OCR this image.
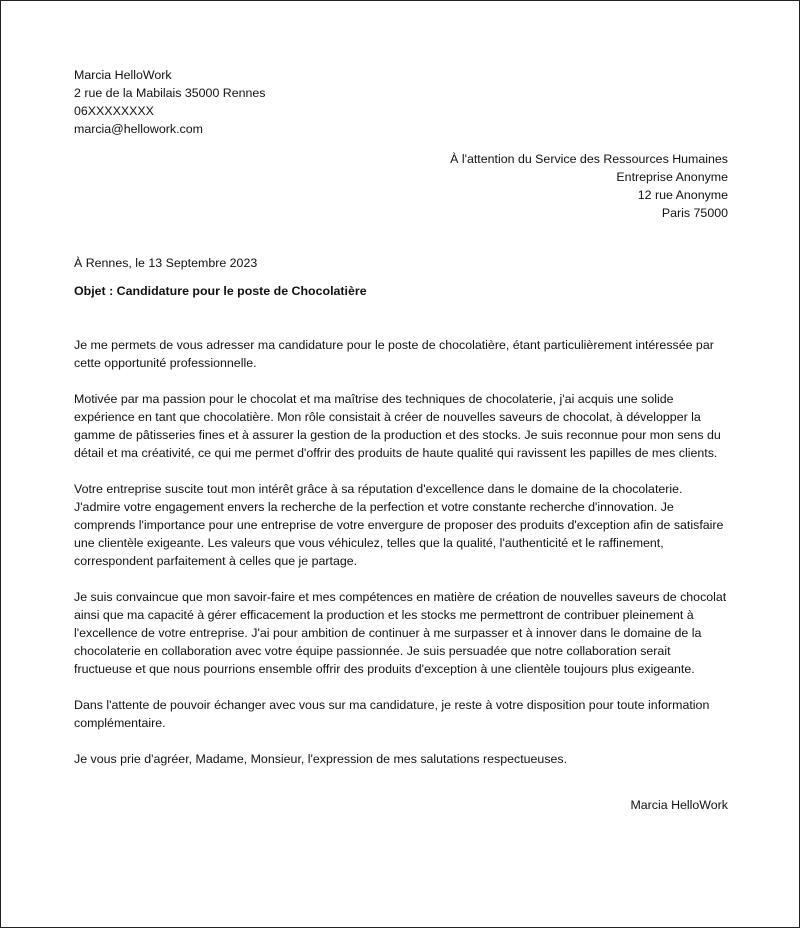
Marcia HelloWork
2 rue de la Mabilais 35000 Rennes
06XXXXXXXX
marcia@hellowork.com
À l'attention du Service des Ressources Humaines
Entreprise Anonyme
12 rue Anonyme
Paris 75000
À Rennes, le 13 Septembre 2023
Objet : Candidature pour le poste de Chocolatière

Je me permets de vous adresser ma candidature pour le poste de chocolatière, étant particulièrement intéressée par cette opportunité professionnelle.

Motivée par ma passion pour le chocolat et ma maîtrise des techniques de chocolaterie, j'ai acquis une solide expérience en tant que chocolatière. Mon rôle consistait à créer de nouvelles saveurs de chocolat, à développer la gamme de pâtisseries fines et à assurer la gestion de la production et des stocks. Je suis reconnue pour mon sens du détail et ma créativité, ce qui me permet d'offrir des produits de haute qualité qui ravissent les papilles de mes clients.

Votre entreprise suscite tout mon intérêt grâce à sa réputation d'excellence dans le domaine de la chocolaterie. J'admire votre engagement envers la recherche de la perfection et votre constante recherche d'innovation. Je comprends l'importance pour une entreprise de votre envergure de proposer des produits d'exception afin de satisfaire une clientèle exigeante. Les valeurs que vous véhiculez, telles que la qualité, l'authenticité et le raffinement, correspondent parfaitement à celles que je partage.

Je suis convaincue que mon savoir-faire et mes compétences en matière de création de nouvelles saveurs de chocolat ainsi que ma capacité à gérer efficacement la production et les stocks me permettront de contribuer pleinement à l'excellence de votre entreprise. J'ai pour ambition de continuer à me surpasser et à innover dans le domaine de la chocolaterie en collaboration avec votre équipe passionnée. Je suis persuadée que notre collaboration serait fructueuse et que nous pourrions ensemble offrir des produits d'exception à une clientèle toujours plus exigeante.

Dans l'attente de pouvoir échanger avec vous sur ma candidature, je reste à votre disposition pour toute information complémentaire.

Je vous prie d'agréer, Madame, Monsieur, l'expression de mes salutations respectueuses.

Marcia HelloWork
